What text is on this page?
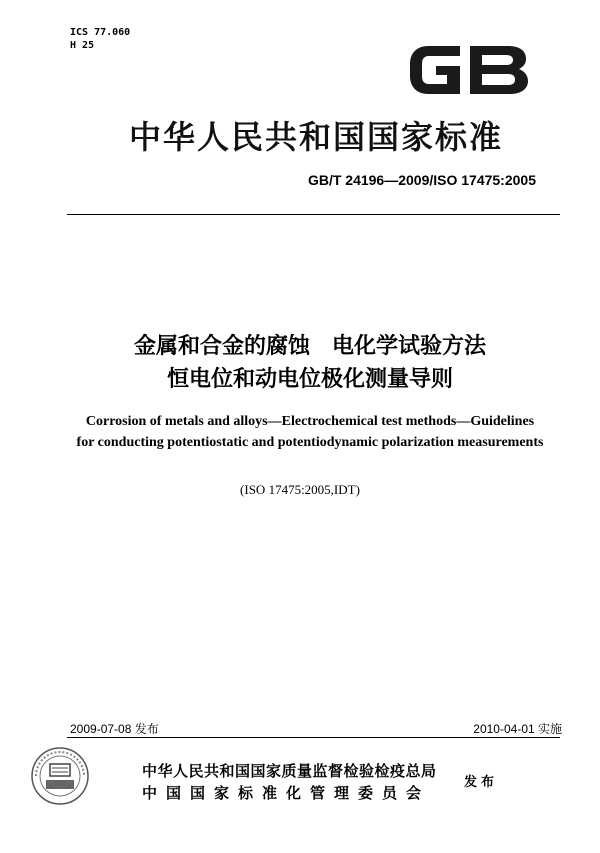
ICS 77.060
H 25	GB
中华人民共和国国家标准
GB/T 24196—2009/ISO 17475:2005
金属和合金的腐蚀　电化学试验方法
恒电位和动电位极化测量导则
Corrosion of metals and alloys—Electrochemical test methods—Guidelines
for conducting potentiostatic and potentiodynamic polarization measurements
(ISO 17475:2005,IDT)
2009-07-08 发布	2010-04-01 实施
中华人民共和国国家质量监督检验检疫总局
中国国家标准化管理委员会
发布
